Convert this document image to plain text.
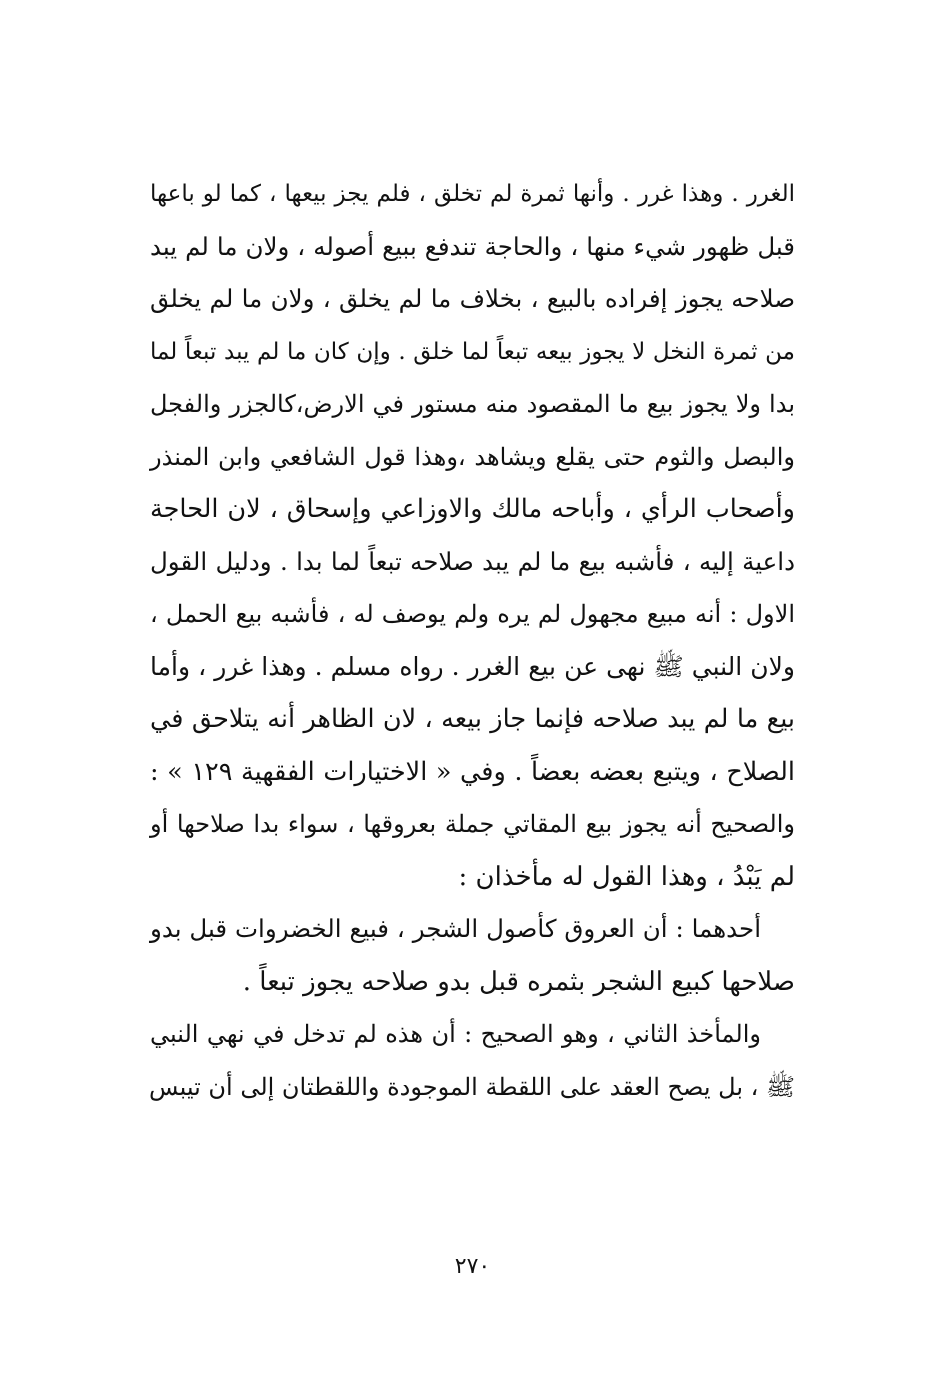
الغرر . وهذا غرر . وأنها ثمرة لم تخلق ، فلم يجز بيعها ، كما لو باعها
قبل ظهور شيء منها ، والحاجة تندفع ببيع أصوله ، ولان ما لم يبد
صلاحه يجوز إفراده بالبيع ، بخلاف ما لم يخلق ، ولان ما لم يخلق
من ثمرة النخل لا يجوز بيعه تبعاً لما خلق . وإن كان ما لم يبد تبعاً لما
بدا ولا يجوز بيع ما المقصود منه مستور في الارض،كالجزر والفجل
والبصل والثوم حتى يقلع ويشاهد ،وهذا قول الشافعي وابن المنذر
وأصحاب الرأي ، وأباحه مالك والاوزاعي وإسحاق ، لان الحاجة
داعية إليه ، فأشبه بيع ما لم يبد صلاحه تبعاً لما بدا . ودليل القول
الاول : أنه مبيع مجهول لم يره ولم يوصف له ، فأشبه بيع الحمل ،
ولان النبي ﷺ نهى عن بيع الغرر . رواه مسلم . وهذا غرر ، وأما
بيع ما لم يبد صلاحه فإنما جاز بيعه ، لان الظاهر أنه يتلاحق في
الصلاح ، ويتبع بعضه بعضاً . وفي « الاختيارات الفقهية ١٢٩ » :
والصحيح أنه يجوز بيع المقاتي جملة بعروقها ، سواء بدا صلاحها أو
لم يَبْدُ ، وهذا القول له مأخذان :
أحدهما : أن العروق كأصول الشجر ، فبيع الخضروات قبل بدو
صلاحها كبيع الشجر بثمره قبل بدو صلاحه يجوز تبعاً .
والمأخذ الثاني ، وهو الصحيح : أن هذه لم تدخل في نهي النبي
ﷺ ، بل يصح العقد على اللقطة الموجودة واللقطتان إلى أن تيبس
٢٧٠
